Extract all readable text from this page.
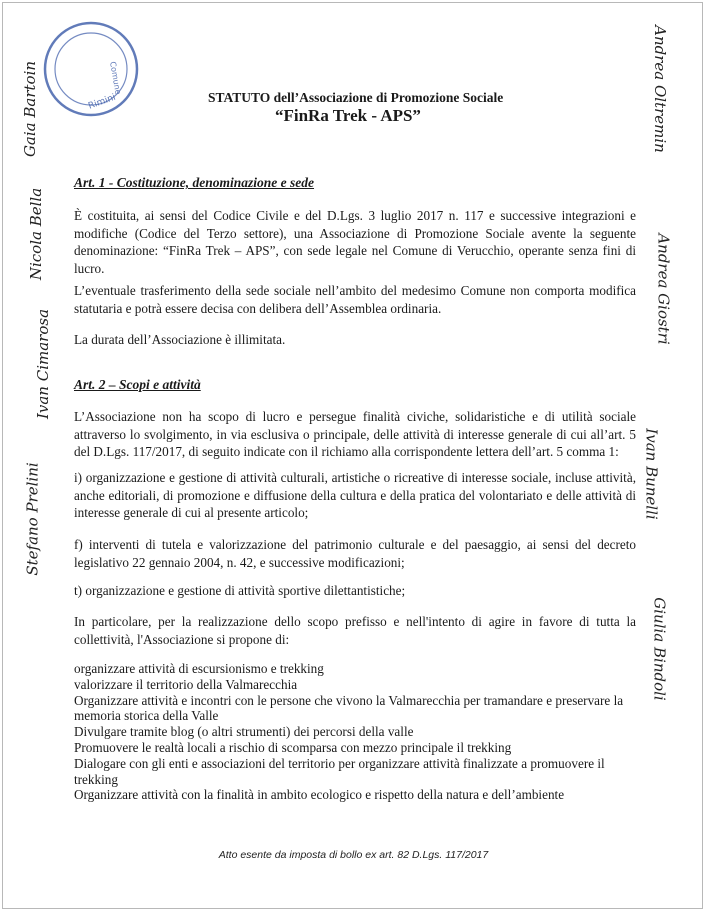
Rimini
Comune
STATUTO dell’Associazione di Promozione Sociale
“FinRa Trek - APS”
Art. 1 - Costituzione, denominazione e sede
È costituita, ai sensi del Codice Civile e del D.Lgs. 3 luglio 2017 n. 117 e successive integrazioni e modifiche (Codice del Terzo settore), una Associazione di Promozione Sociale avente la seguente denominazione: “FinRa Trek – APS”, con sede legale nel Comune di Verucchio, operante senza fini di lucro.
L’eventuale trasferimento della sede sociale nell’ambito del medesimo Comune non comporta modifica statutaria e potrà essere decisa con delibera dell’Assemblea ordinaria.
La durata dell’Associazione è illimitata.
Art. 2 – Scopi e attività
L’Associazione non ha scopo di lucro e persegue finalità civiche, solidaristiche e di utilità sociale attraverso lo svolgimento, in via esclusiva o principale, delle attività di interesse generale di cui all’art. 5 del D.Lgs. 117/2017, di seguito indicate con il richiamo alla corrispondente lettera dell’art. 5 comma 1:
i) organizzazione e gestione di attività culturali, artistiche o ricreative di interesse sociale, incluse attività, anche editoriali, di promozione e diffusione della cultura e della pratica del volontariato e delle attività di interesse generale di cui al presente articolo;
f) interventi di tutela e valorizzazione del patrimonio culturale e del paesaggio, ai sensi del decreto legislativo 22 gennaio 2004, n. 42, e successive modificazioni;
t) organizzazione e gestione di attività sportive dilettantistiche;
In particolare, per la realizzazione dello scopo prefisso e nell'intento di agire in favore di tutta la collettività, l'Associazione si propone di:
organizzare attività di escursionismo e trekking
valorizzare il territorio della Valmarecchia
Organizzare attività e incontri con le persone che vivono la Valmarecchia per tramandare e preservare la memoria storica della Valle
Divulgare tramite blog (o altri strumenti) dei percorsi della valle
Promuovere le realtà locali a rischio di scomparsa con mezzo principale il trekking
Dialogare con gli enti e associazioni del territorio per organizzare attività finalizzate a promuovere il trekking
Organizzare attività con la finalità in ambito ecologico e rispetto della natura e dell’ambiente
Atto esente da imposta di bollo ex art. 82 D.Lgs. 117/2017
Gaia Bartoin
Nicola Bella
Ivan Cimarosa
Stefano Prelini
Andrea Oltremin
Andrea Giostri
Ivan Bunelli
Giulia Bindoli
